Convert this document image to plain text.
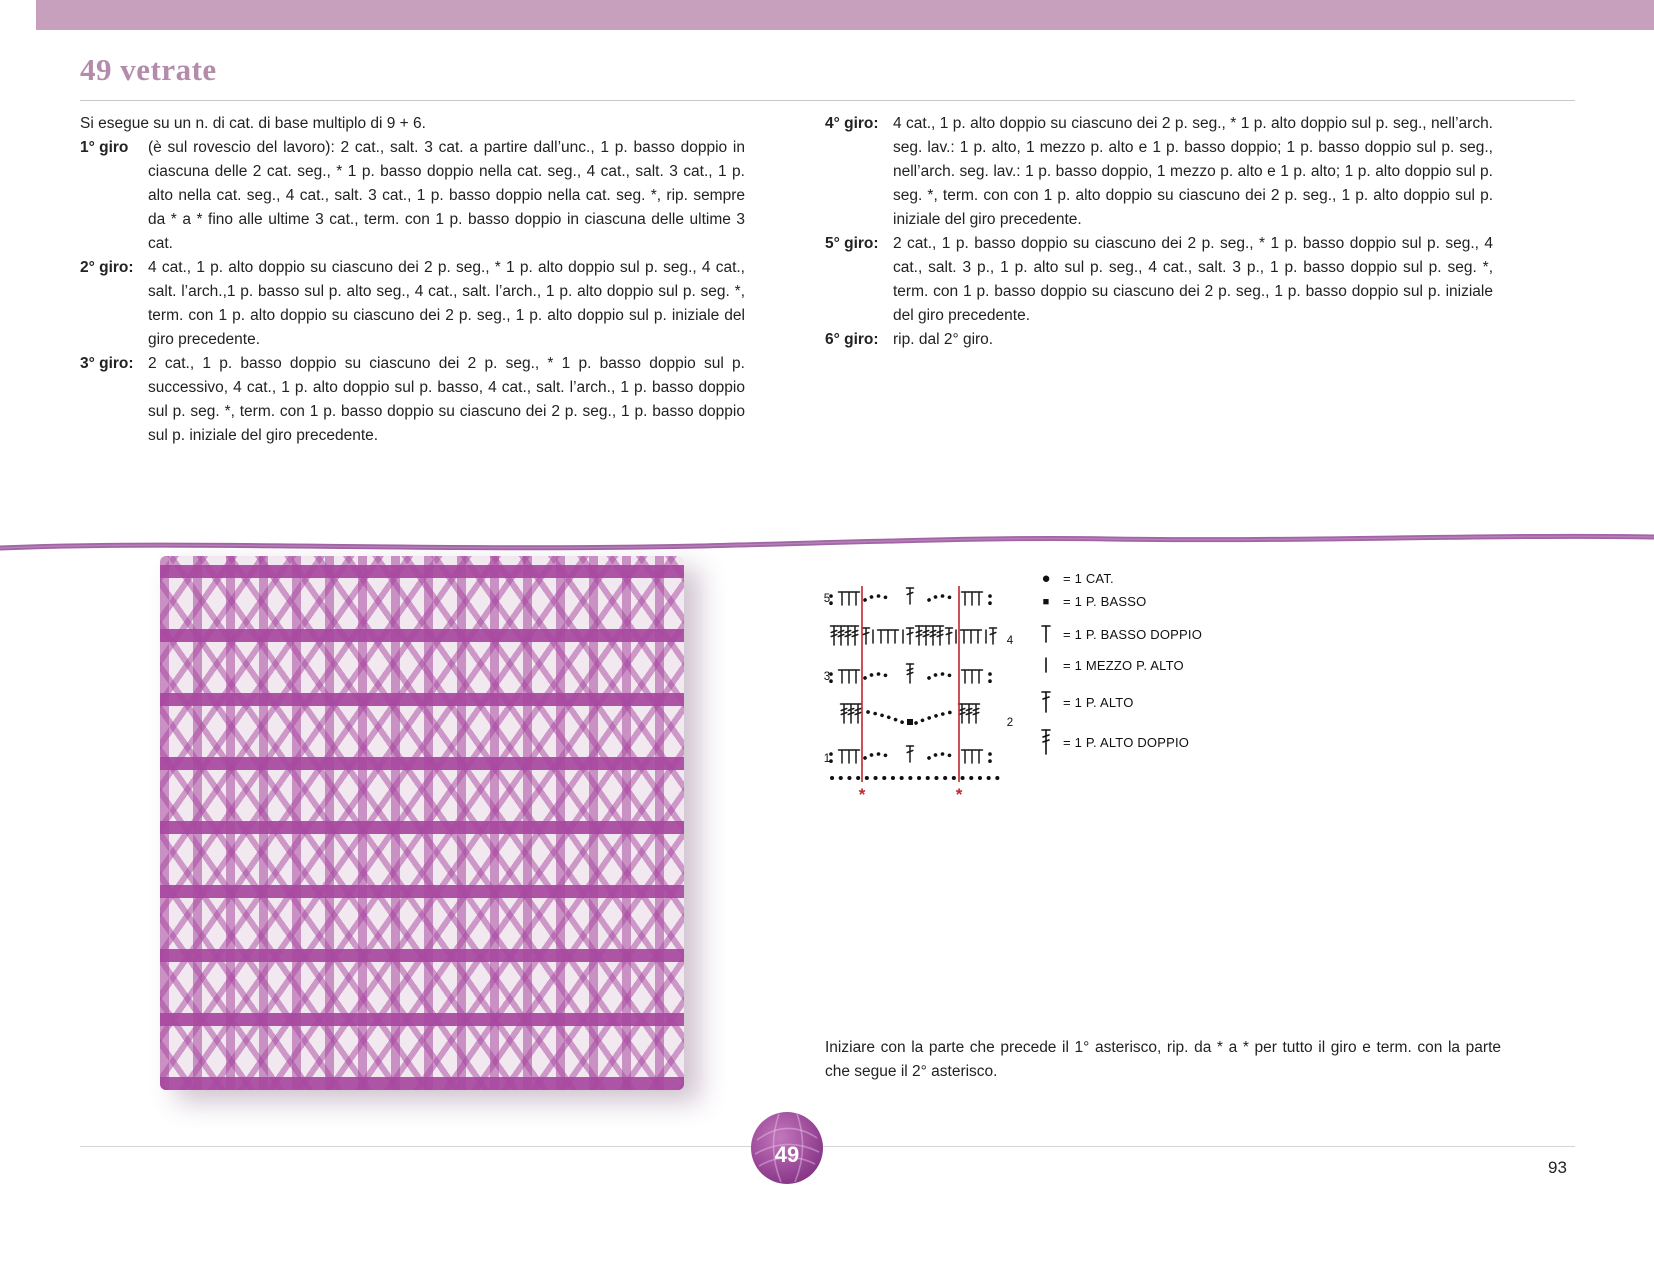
49 vetrate

Si esegue su un n. di cat. di base multiplo di 9 + 6.

1° giro (è sul rovescio del lavoro): 2 cat., salt. 3 cat. a partire dall’unc., 1 p. basso doppio in ciascuna delle 2 cat. seg., * 1 p. basso doppio nella cat. seg., 4 cat., salt. 3 cat., 1 p. alto nella cat. seg., 4 cat., salt. 3 cat., 1 p. basso doppio nella cat. seg. *, rip. sempre da * a * fino alle ultime 3 cat., term. con 1 p. basso doppio in ciascuna delle ultime 3 cat.

2° giro: 4 cat., 1 p. alto doppio su ciascuno dei 2 p. seg., * 1 p. alto doppio sul p. seg., 4 cat., salt. l’arch.,1 p. basso sul p. alto seg., 4 cat., salt. l’arch., 1 p. alto doppio sul p. seg. *, term. con 1 p. alto doppio su ciascuno dei 2 p. seg., 1 p. alto doppio sul p. iniziale del giro precedente.

3° giro: 2 cat., 1 p. basso doppio su ciascuno dei 2 p. seg., * 1 p. basso doppio sul p. successivo, 4 cat., 1 p. alto doppio sul p. basso, 4 cat., salt. l’arch., 1 p. basso doppio sul p. seg. *, term. con 1 p. basso doppio su ciascuno dei 2 p. seg., 1 p. basso doppio sul p. iniziale del giro precedente.

4° giro: 4 cat., 1 p. alto doppio su ciascuno dei 2 p. seg., * 1 p. alto doppio sul p. seg., nell’arch. seg. lav.: 1 p. alto, 1 mezzo p. alto e 1 p. basso doppio; 1 p. basso doppio sul p. seg., nell’arch. seg. lav.: 1 p. basso doppio, 1 mezzo p. alto e 1 p. alto; 1 p. alto doppio sul p. seg. *, term. con con 1 p. alto doppio su ciascuno dei 2 p. seg., 1 p. alto doppio sul p. iniziale del giro precedente.

5° giro: 2 cat., 1 p. basso doppio su ciascuno dei 2 p. seg., * 1 p. basso doppio sul p. seg., 4 cat., salt. 3 p., 1 p. alto sul p. seg., 4 cat., salt. 3 p., 1 p. basso doppio sul p. seg. *, term. con 1 p. basso doppio su ciascuno dei 2 p. seg., 1 p. basso doppio sul p. iniziale del giro precedente.

6° giro: rip. dal 2° giro.

*	*
5
4
3
2
1
● = 1 CAT.
■	= 1 P. BASSO
= 1 P. BASSO DOPPIO
= 1 MEZZO P. ALTO
= 1 P. ALTO
= 1 P. ALTO DOPPIO
Iniziare con la parte che precede il 1° asterisco, rip. da * a * per tutto il giro e term. con la parte che segue il 2° asterisco.
49
93
